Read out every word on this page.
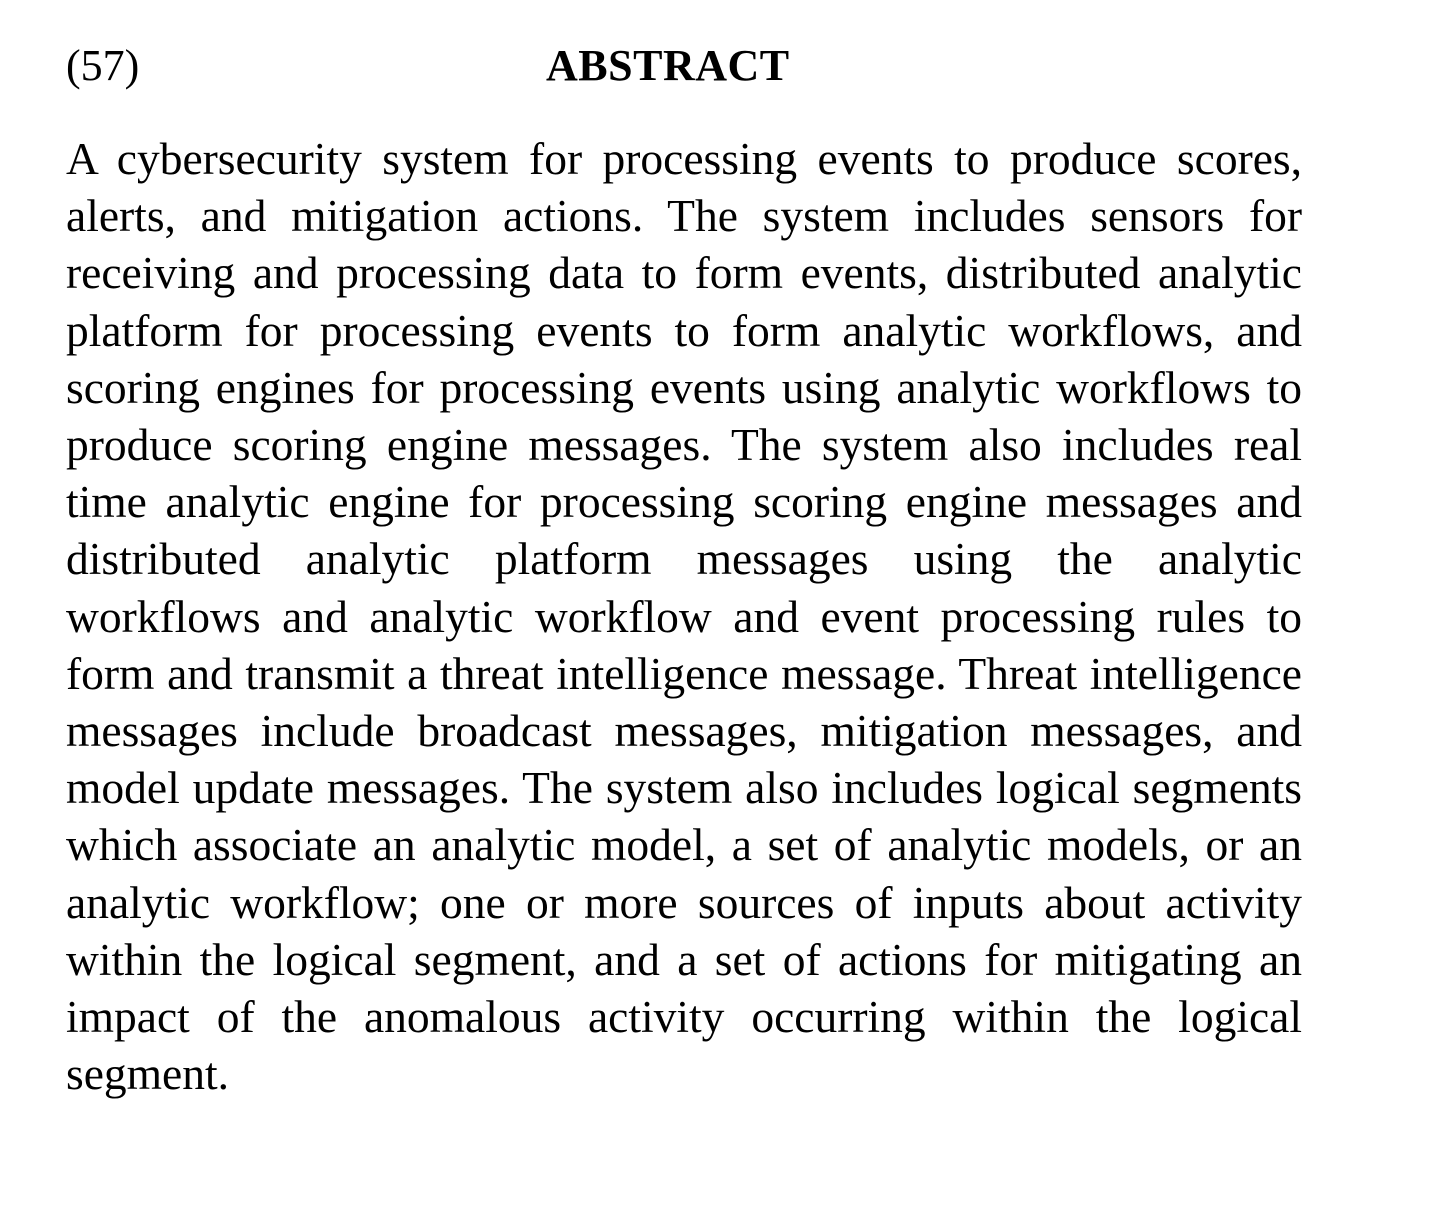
(57)	ABSTRACT

A cybersecurity system for processing events to produce scores, alerts, and mitigation actions. The system includes sensors for receiving and processing data to form events, distributed analytic platform for processing events to form analytic workflows, and scoring engines for processing events using analytic workflows to produce scoring engine messages. The system also includes real time analytic engine for processing scoring engine messages and distributed analytic platform messages using the analytic workflows and analytic workflow and event processing rules to form and transmit a threat intelligence message. Threat intelligence messages include broadcast messages, mitigation messages, and model update messages. The system also includes logical segments which associate an analytic model, a set of analytic models, or an analytic workflow; one or more sources of inputs about activity within the logical segment, and a set of actions for mitigating an impact of the anomalous activity occurring within the logical segment.
